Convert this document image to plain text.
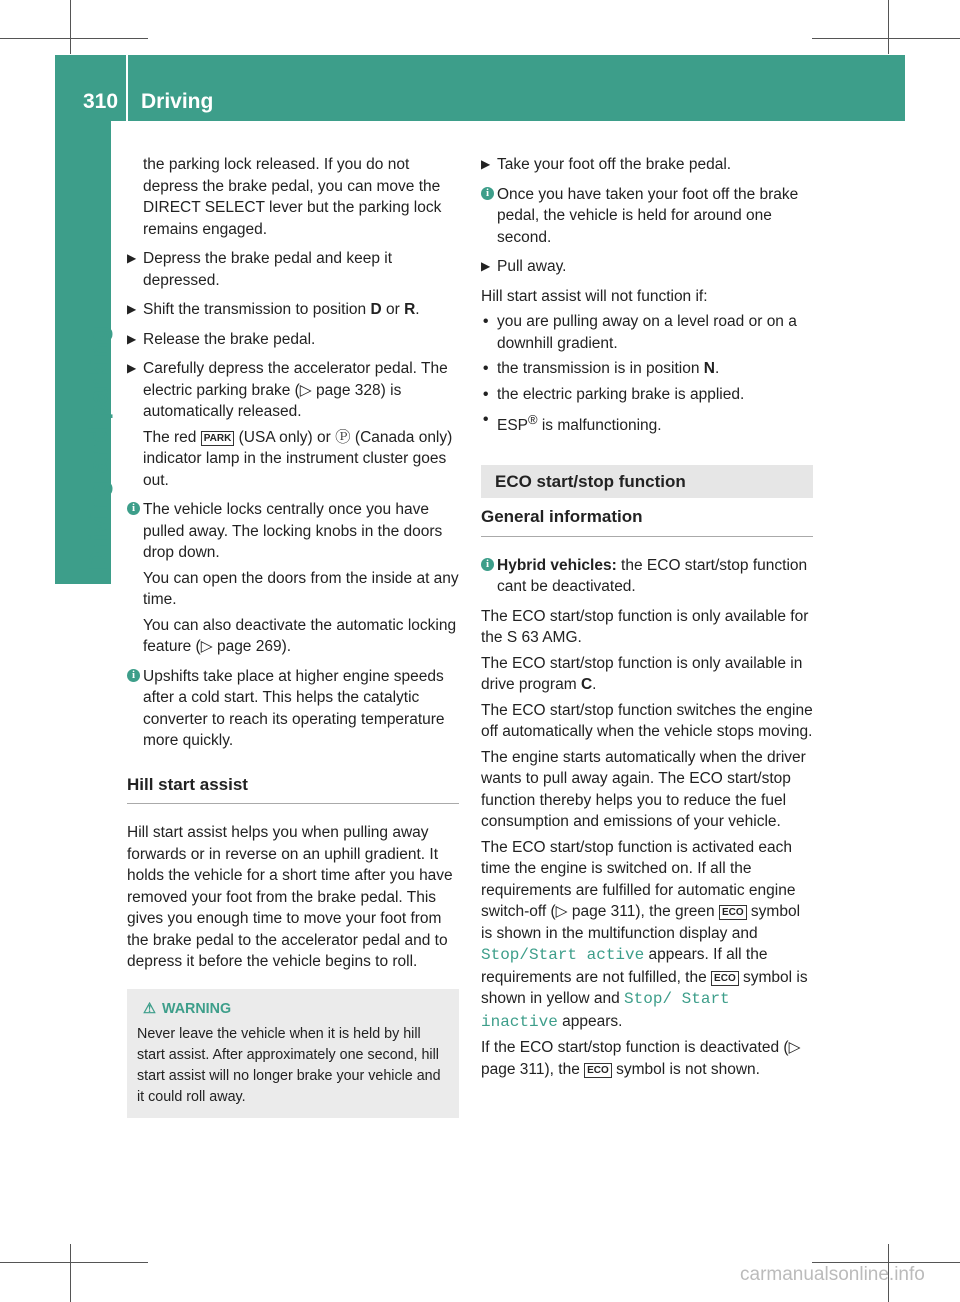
310 Driving
Driving and parking

the parking lock released. If you do not depress the brake pedal, you can move the DIRECT SELECT lever but the parking lock remains engaged.

▶ Depress the brake pedal and keep it depressed.

▶ Shift the transmission to position D or R.

▶ Release the brake pedal.

▶ Carefully depress the accelerator pedal. The electric parking brake (▷ page 328) is automatically released.

The red PARK (USA only) or Ⓟ (Canada only) indicator lamp in the instrument cluster goes out.

i The vehicle locks centrally once you have pulled away. The locking knobs in the doors drop down.

You can open the doors from the inside at any time.

You can also deactivate the automatic locking feature (▷ page 269).

i Upshifts take place at higher engine speeds after a cold start. This helps the catalytic converter to reach its operating temperature more quickly.

Hill start assist

Hill start assist helps you when pulling away forwards or in reverse on an uphill gradient. It holds the vehicle for a short time after you have removed your foot from the brake pedal. This gives you enough time to move your foot from the brake pedal to the accelerator pedal and to depress it before the vehicle begins to roll.

⚠ WARNING
Never leave the vehicle when it is held by hill start assist. After approximately one second, hill start assist will no longer brake your vehicle and it could roll away.

▶ Take your foot off the brake pedal.

i Once you have taken your foot off the brake pedal, the vehicle is held for around one second.

▶ Pull away.

Hill start assist will not function if:

• you are pulling away on a level road or on a downhill gradient.

• the transmission is in position N.

• the electric parking brake is applied.

• ESP® is malfunctioning.

ECO start/stop function

General information

i Hybrid vehicles: the ECO start/stop function cant be deactivated.

The ECO start/stop function is only available for the S 63 AMG.

The ECO start/stop function is only available in drive program C.

The ECO start/stop function switches the engine off automatically when the vehicle stops moving.

The engine starts automatically when the driver wants to pull away again. The ECO start/stop function thereby helps you to reduce the fuel consumption and emissions of your vehicle.

The ECO start/stop function is activated each time the engine is switched on. If all the requirements are fulfilled for automatic engine switch-off (▷ page 311), the green ECO symbol is shown in the multifunction display and Stop/Start active appears. If all the requirements are not fulfilled, the ECO symbol is shown in yellow and Stop/ Start inactive appears.

If the ECO start/stop function is deactivated (▷ page 311), the ECO symbol is not shown.

carmanualsonline.info
